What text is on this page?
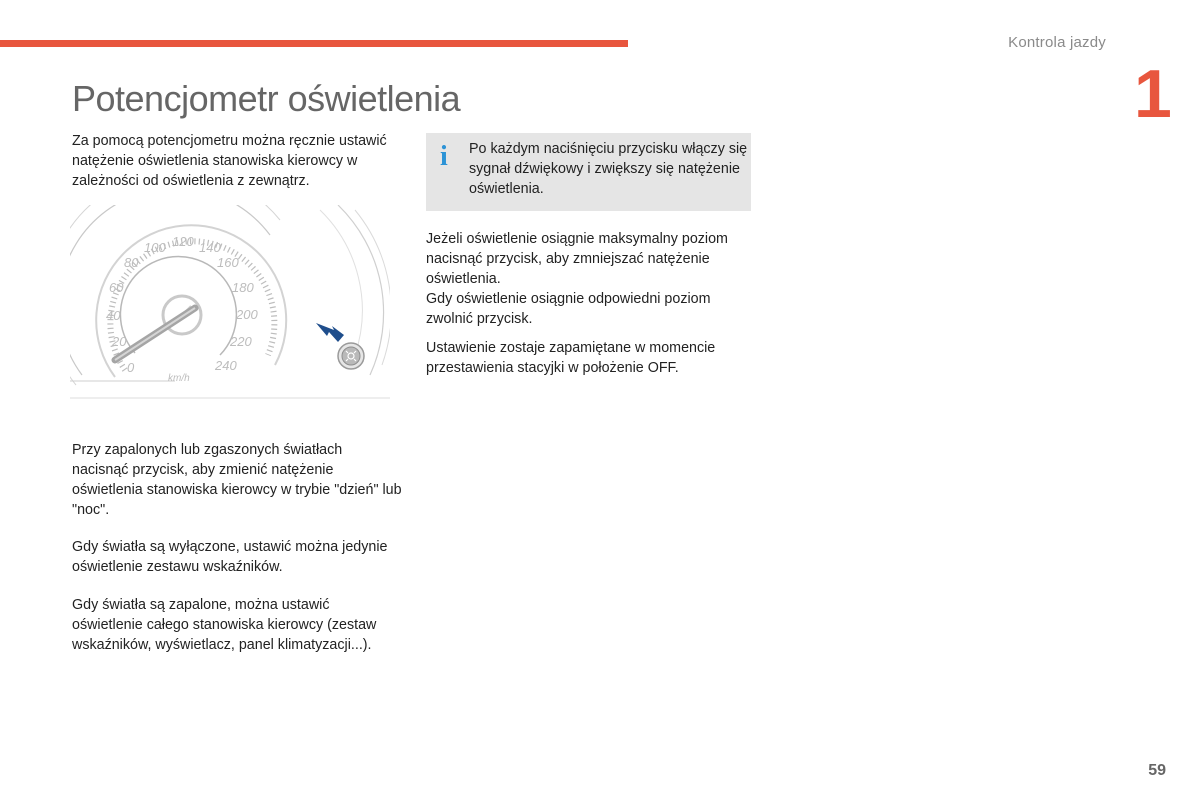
Kontrola jazdy
1
Potencjometr oświetlenia

Za pomocą potencjometru można ręcznie ustawić natężenie oświetlenia stanowiska kierowcy w zależności od oświetlenia z zewnątrz.

0
20
40
60
80
100 120 140
160
180
200
220
240
km/h

Przy zapalonych lub zgaszonych światłach nacisnąć przycisk, aby zmienić natężenie oświetlenia stanowiska kierowcy w trybie "dzień" lub "noc".

Gdy światła są wyłączone, ustawić można jedynie oświetlenie zestawu wskaźników.

Gdy światła są zapalone, można ustawić oświetlenie całego stanowiska kierowcy (zestaw wskaźników, wyświetlacz, panel klimatyzacji...).

i Po każdym naciśnięciu przycisku włączy się sygnał dźwiękowy i zwiększy się natężenie oświetlenia.

Jeżeli oświetlenie osiągnie maksymalny poziom nacisnąć przycisk, aby zmniejszać natężenie oświetlenia.

Gdy oświetlenie osiągnie odpowiedni poziom zwolnić przycisk.

Ustawienie zostaje zapamiętane w momencie przestawienia stacyjki w położenie OFF.

59
